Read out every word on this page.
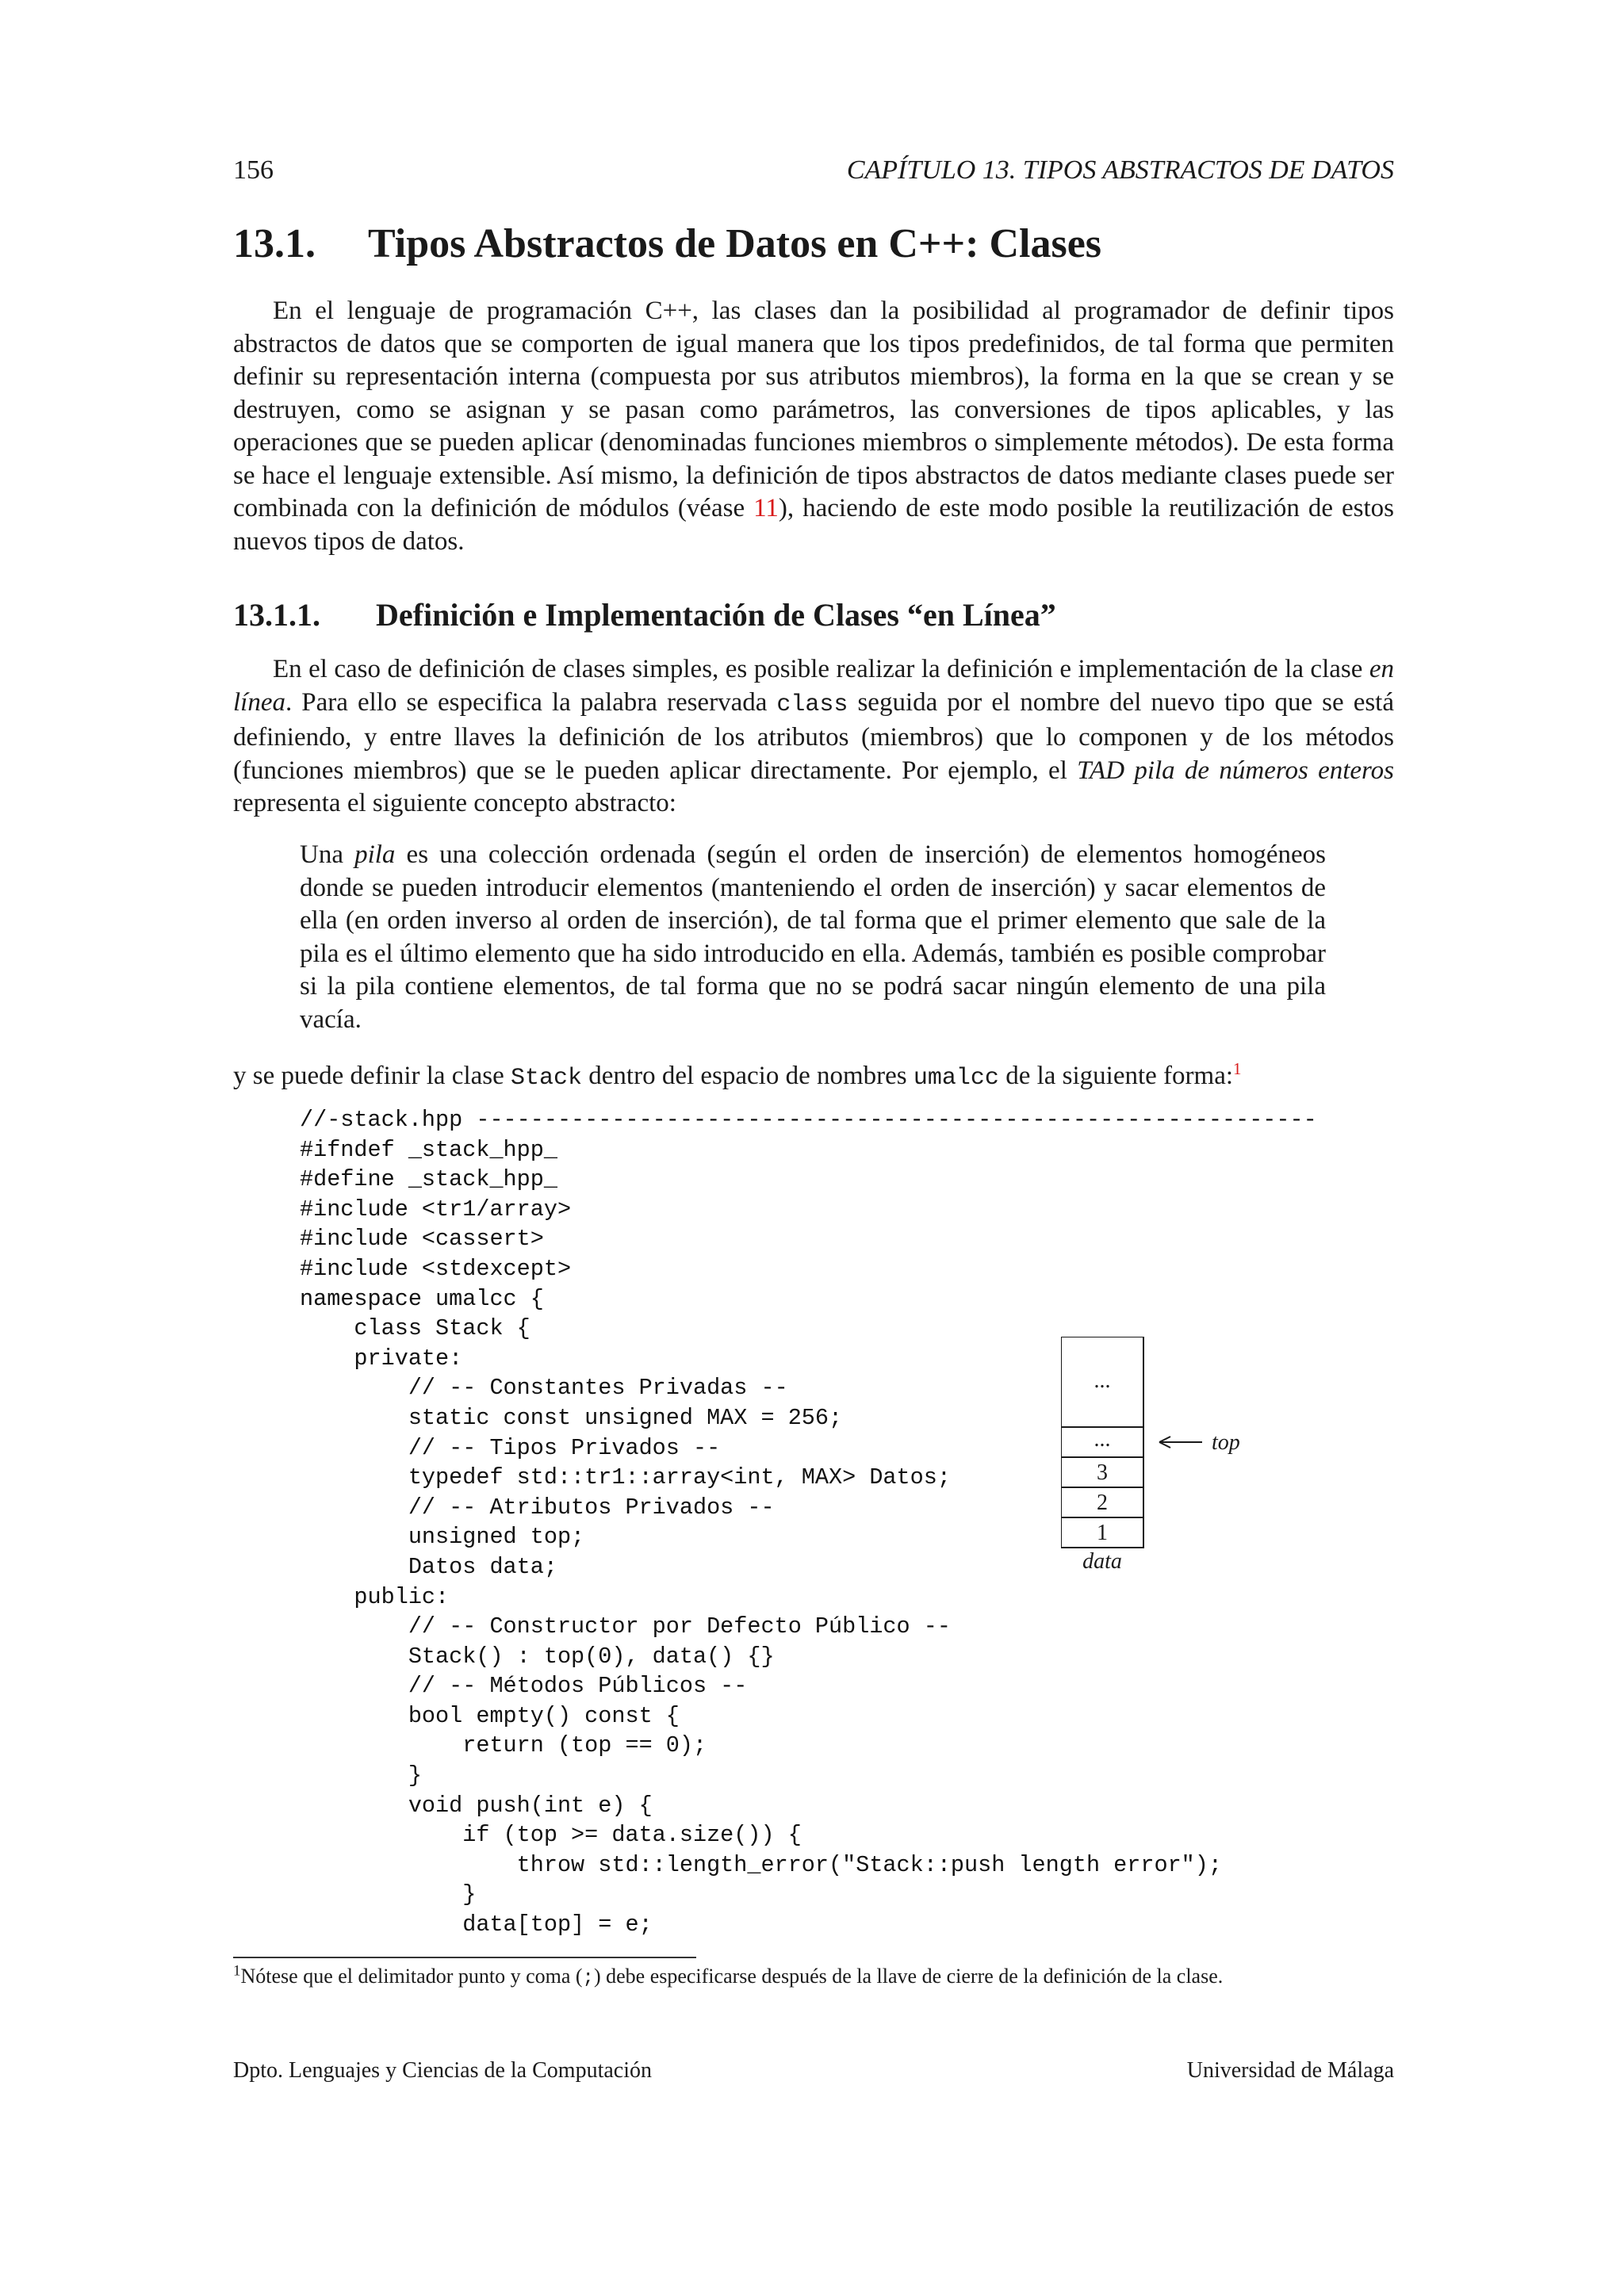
156	CAPÍTULO 13. TIPOS ABSTRACTOS DE DATOS
13.1. Tipos Abstractos de Datos en C++: Clases

En el lenguaje de programación C++, las clases dan la posibilidad al programador de definir tipos abstractos de datos que se comporten de igual manera que los tipos predefinidos, de tal forma que permiten definir su representación interna (compuesta por sus atributos miembros), la forma en la que se crean y se destruyen, como se asignan y se pasan como parámetros, las conversiones de tipos aplicables, y las operaciones que se pueden aplicar (denominadas funciones miembros o simplemente métodos). De esta forma se hace el lenguaje extensible. Así mismo, la definición de tipos abstractos de datos mediante clases puede ser combinada con la definición de módulos (véase 11), haciendo de este modo posible la reutilización de estos nuevos tipos de datos.

13.1.1. Definición e Implementación de Clases “en Línea”

En el caso de definición de clases simples, es posible realizar la definición e implementación de la clase en línea. Para ello se especifica la palabra reservada class seguida por el nombre del nuevo tipo que se está definiendo, y entre llaves la definición de los atributos (miembros) que lo componen y de los métodos (funciones miembros) que se le pueden aplicar directamente. Por ejemplo, el TAD pila de números enteros representa el siguiente concepto abstracto:

Una pila es una colección ordenada (según el orden de inserción) de elementos homogéneos donde se pueden introducir elementos (manteniendo el orden de inserción) y sacar elementos de ella (en orden inverso al orden de inserción), de tal forma que el primer elemento que sale de la pila es el último elemento que ha sido introducido en ella. Además, también es posible comprobar si la pila contiene elementos, de tal forma que no se podrá sacar ningún elemento de una pila vacía.

y se puede definir la clase Stack dentro del espacio de nombres umalcc de la siguiente forma:$^1$
//-stack.hpp --------------------------------------------------------------
#ifndef _stack_hpp_
#define _stack_hpp_
#include <tr1/array>
#include <cassert>
#include <stdexcept>
namespace umalcc {
class Stack {
private:
// -- Constantes Privadas --
static const unsigned MAX = 256;
// -- Tipos Privados --
typedef std::tr1::array<int, MAX> Datos;
// -- Atributos Privados --
unsigned top;
Datos data;
public:
// -- Constructor por Defecto Público --
Stack() : top(0), data() {}
// -- Métodos Públicos --
bool empty() const {
return (top == 0);
}
void push(int e) {
if (top >= data.size()) {
throw std::length_error("Stack::push length error");
}
data[top] = e;
...
...
3
2
1
data
top
$^1$Nótese que el delimitador punto y coma (;) debe especificarse después de la llave de cierre de la definición de la clase.
Dpto. Lenguajes y Ciencias de la Computación	Universidad de Málaga
